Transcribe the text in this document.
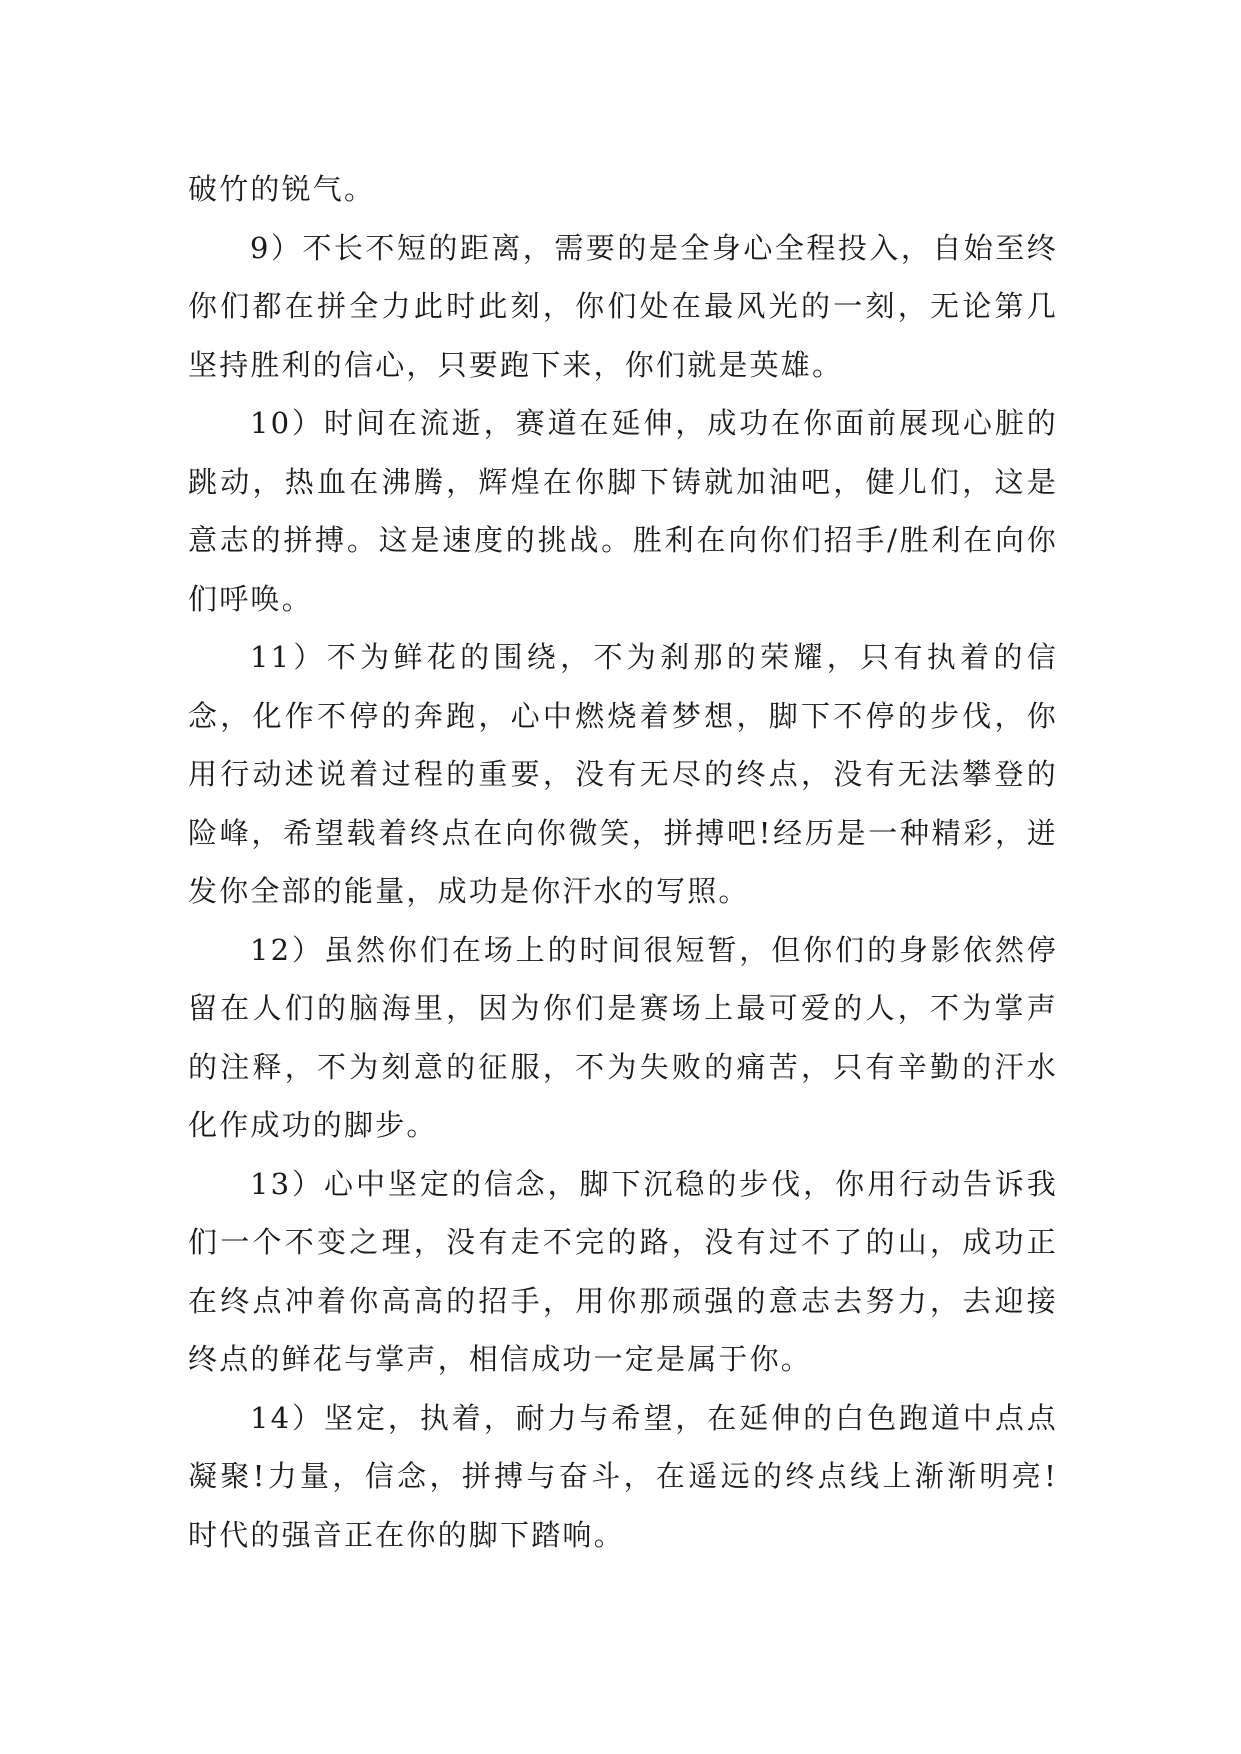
破竹的锐气。

9）不长不短的距离，需要的是全身心全程投入，自始至终你们都在拼全力此时此刻，你们处在最风光的一刻，无论第几坚持胜利的信心，只要跑下来，你们就是英雄。

10）时间在流逝，赛道在延伸，成功在你面前展现心脏的跳动，热血在沸腾，辉煌在你脚下铸就加油吧，健儿们，这是意志的拼搏。这是速度的挑战。胜利在向你们招手/胜利在向你们呼唤。

11）不为鲜花的围绕，不为刹那的荣耀，只有执着的信念，化作不停的奔跑，心中燃烧着梦想，脚下不停的步伐，你用行动述说着过程的重要，没有无尽的终点，没有无法攀登的险峰，希望载着终点在向你微笑，拼搏吧!经历是一种精彩，迸发你全部的能量，成功是你汗水的写照。

12）虽然你们在场上的时间很短暂，但你们的身影依然停留在人们的脑海里，因为你们是赛场上最可爱的人，不为掌声的注释，不为刻意的征服，不为失败的痛苦，只有辛勤的汗水化作成功的脚步。

13）心中坚定的信念，脚下沉稳的步伐，你用行动告诉我们一个不变之理，没有走不完的路，没有过不了的山，成功正在终点冲着你高高的招手，用你那顽强的意志去努力，去迎接终点的鲜花与掌声，相信成功一定是属于你。

14）坚定，执着，耐力与希望，在延伸的白色跑道中点点凝聚!力量，信念，拼搏与奋斗，在遥远的终点线上渐渐明亮!时代的强音正在你的脚下踏响。
